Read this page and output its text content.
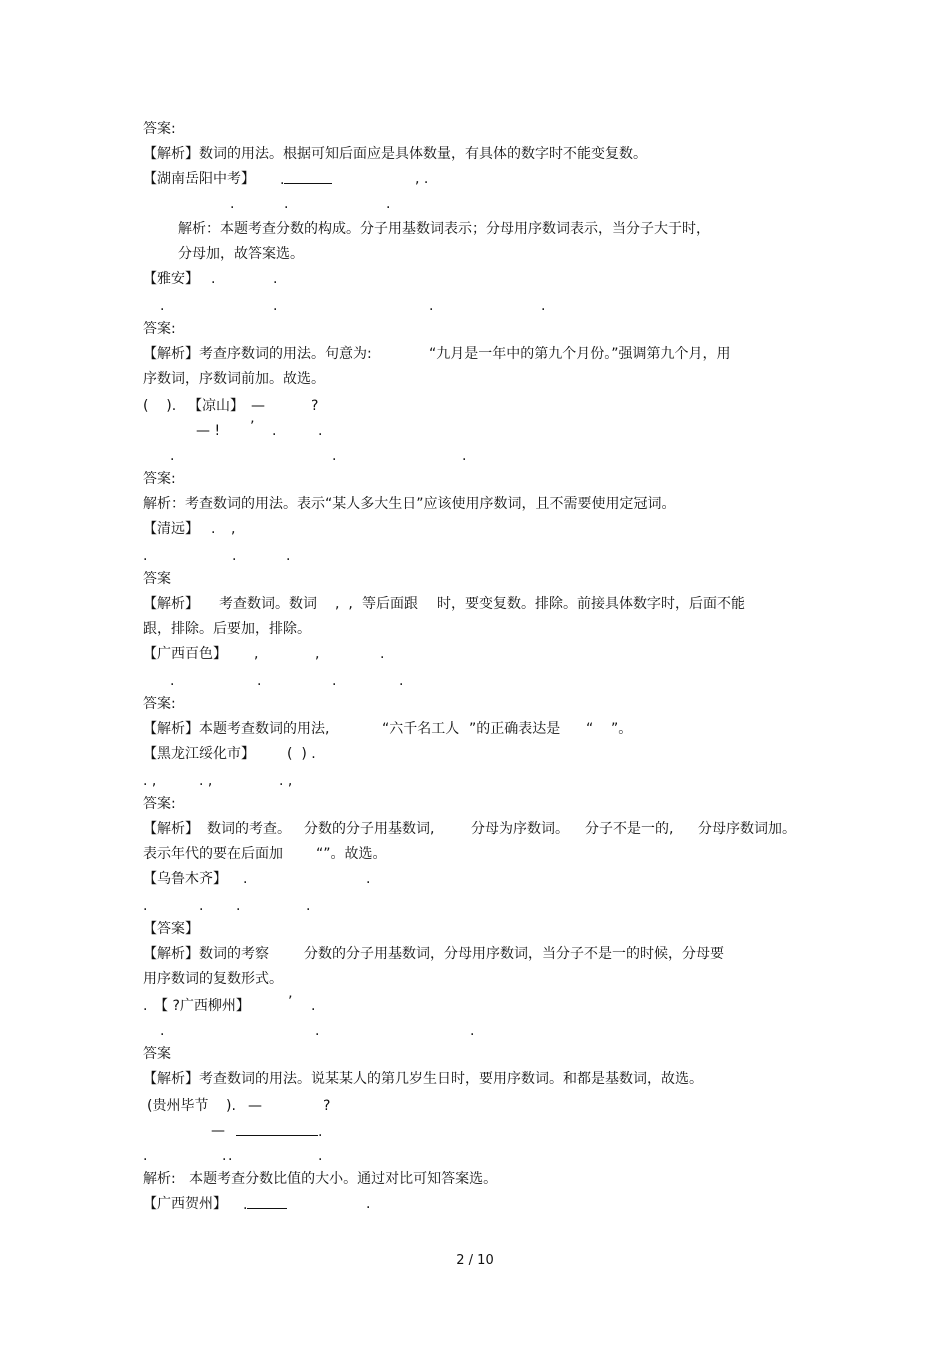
答案:
【解析】数词的用法。根据可知后面应是具体数量，有具体的数字时不能变复数。
【湖南岳阳中考】 .	, .
.	.	.
解析：本题考查分数的构成。分子用基数词表示；分母用序数词表示，当分子大于时，
分母加，故答案选。
【雅安】 .	.
.	.	.	.
答案:
【解析】考查序数词的用法。句意为:	“九月是一年中的第九个月份。”强调第九个月，用
序数词，序数词前加。故选。
(    ). 【凉山】 —	?
— ! ’ .	.
.	.	.
答案:
解析：考查数词的用法。表示“某人多大生日”应该使用序数词，且不需要使用定冠词。
【清远】 . ,
.	.	.
答案
【解析】 考查数词。数词 ,  , 等后面跟 时，要变复数。排除。前接具体数字时，后面不能
跟，排除。后要加，排除。
【广西百色】 ,	,	.
.	.	.	.
答案:
【解析】本题考查数词的用法,	“六千名工人 ”的正确表达是 “    ”。
【黑龙江绥化市】 (  ) .
. ,	. ,	. ,
答案:
【解析】 数词的考查。 分数的分子用基数词,	分母为序数词。 分子不是一的, 分母序数词加。
表示年代的要在后面加 “”。故选。
【乌鲁木齐】 .	.
.	. .	.
【答案】
【解析】数词的考察	分数的分子用基数词，分母用序数词，当分子不是一的时候，分母要
用序数词的复数形式。
. 【 ?广西柳州】	’ .
.	.	.
答案
【解析】考查数词的用法。说某某人的第几岁生日时，要用序数词。和都是基数词，故选。
(贵州毕节 ). —	?
—	.
.	. .	.
解析:   本题考查分数比值的大小。通过对比可知答案选。
【广西贺州】 .	.
2 / 10
